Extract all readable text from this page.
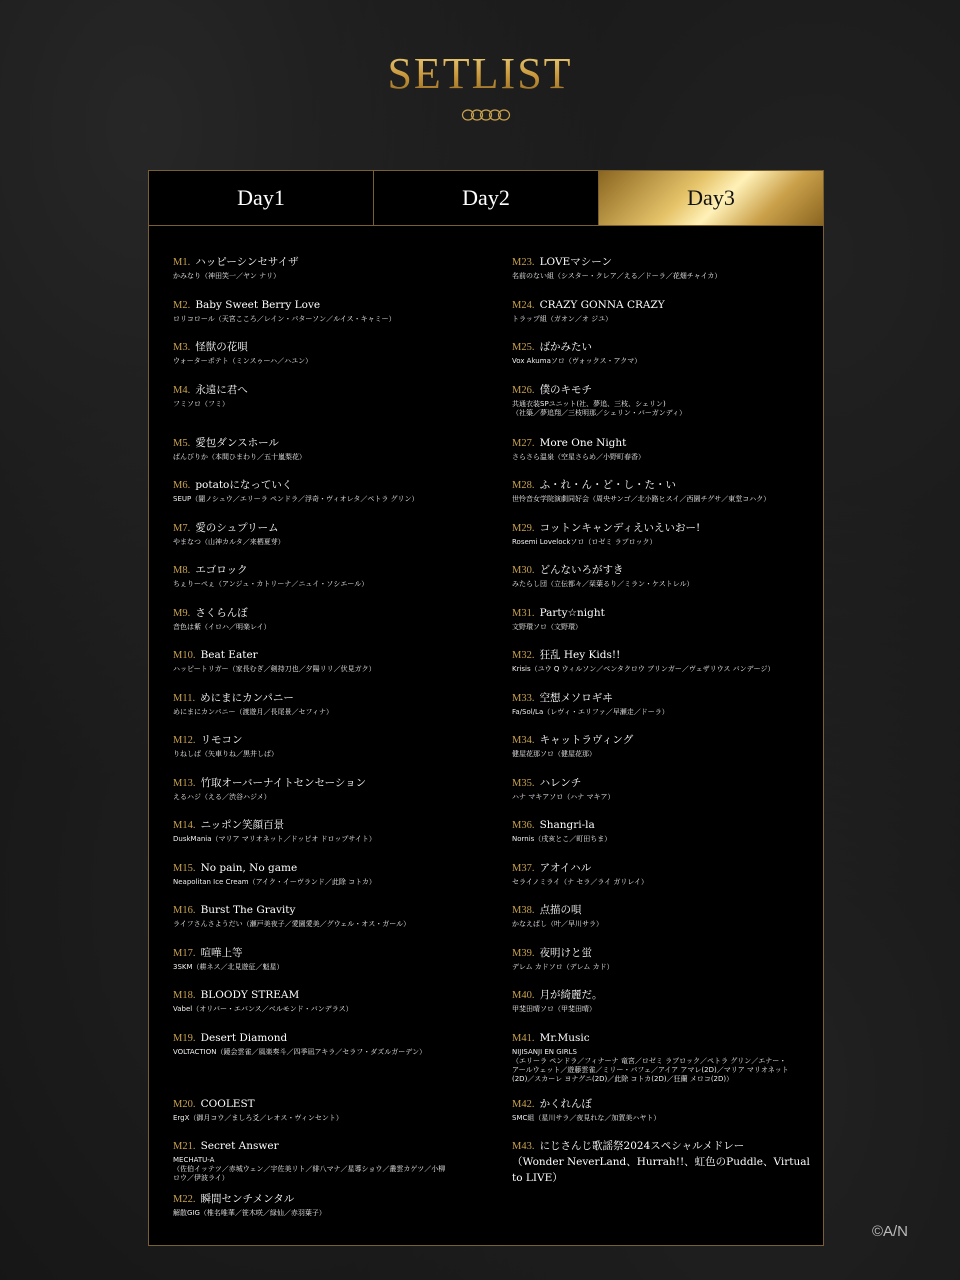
SETLIST
Day1	Day2	Day3
M1. ハッピーシンセサイザ
かみなり（神田笑一／ヤン ナリ）
M2. Baby Sweet Berry Love
ロリコロール（天宮こころ／レイン・パターソン／ルイス・キャミー）
M3. 怪獣の花唄
ウォーターポテト（ミンスゥーハ／ハユン）
M4. 永遠に君へ
フミソロ（フミ）
M5. 愛包ダンスホール
ばんびりか（本間ひまわり／五十嵐梨花）
M6. potatoになっていく
SEUP（闇ノシュウ／エリーラ ペンドラ／浮奇・ヴィオレタ／ペトラ グリン）
M7. 愛のシュプリーム
やまなつ（山神カルタ／来栖夏芽）
M8. エゴロック
ちぇりーぺぇ（アンジュ・カトリーナ／ニュイ・ソシエール）
M9. さくらんぼ
音色は紫（イロハ／明楽レイ）
M10. Beat Eater
ハッピートリガー（家長むぎ／剣持刀也／夕陽リリ／伏見ガク）
M11. めにまにカンパニー
めにまにカンパニー（渡遊月／長尾景／セフィナ）
M12. リモコン
りねしば（矢車りね／黒井しば）
M13. 竹取オーバーナイトセンセーション
えるハジ（える／渋谷ハジメ）
M14. ニッポン笑顔百景
DuskMania（マリア マリオネット／ドッピオ ドロップサイト）
M15. No pain, No game
Neapolitan Ice Cream（アイク・イーヴランド／此除 コトカ）
M16. Burst The Gravity
ライフさんさようだい（瀬戸美夜子／愛園愛美／グウェル・オス・ガール）
M17. 喧嘩上等
3SKM（耕ネス／北見遊征／魁星）
M18. BLOODY STREAM
Vabel（オリバー・エバンス／ベルモンド・バンデラス）
M19. Desert Diamond
VOLTACTION（鏡会雲雀／風楽奏斗／四季凪アキラ／セラフ・ダズルガーデン）
M20. COOLEST
ErgX（御月コウ／ましろ爻／レオス・ヴィンセント）
M21. Secret Answer
MECHATU-A
（佐伯イッテツ／赤城ウェン／宇佐美リト／緋八マナ／星導ショウ／叢雲カゲツ／小柳
ロウ／伊波ライ）
M22. 瞬間センチメンタル
解散GIG（椎名唯華／笹木咲／緑仙／赤羽葉子）
M23. LOVEマシーン
名前のない組（シスター・クレア／える／ドーラ／花畑チャイカ）
M24. CRAZY GONNA CRAZY
トラップ組（ガオン／オ ジユ）
M25. ばかみたい
Vox Akumaソロ（ヴォックス・アクマ）
M26. 僕のキモチ
共通衣装SPユニット(社、夢追、三枝、シェリン)
（社築／夢追翔／三枝明那／シェリン・バーガンディ）
M27. More One Night
さらさら温泉（空星さらめ／小野町春香）
M28. ふ・れ・ん・ど・し・た・い
世怜音女学院演劇同好会（周央サンゴ／北小路ヒスイ／西園チグサ／東堂コハク）
M29. コットンキャンディえいえいおー!
Rosemi Lovelockソロ（ロゼミ ラブロック）
M30. どんないろがすき
みたらし団（立伝都々／栞葉るり／ミラン・ケストレル）
M31. Party☆night
文野環ソロ（文野環）
M32. 狂乱 Hey Kids!!
Krisis（ユウ Q ウィルソン／ベンタクロウ ブリンガー／ヴェザリウス バンデージ）
M33. 空想メソロギヰ
Fa/Sol/La（レヴィ・エリファ／早瀬走／ドーラ）
M34. キャットラヴィング
健屋花那ソロ（健屋花那）
M35. ハレンチ
ハナ マキアソロ（ハナ マキア）
M36. Shangri-la
Nornis（戌亥とこ／町田ちま）
M37. アオイハル
セライノミライ（ナ セラ／ライ ガリレイ）
M38. 点描の唄
かなえぱし（叶／早川サラ）
M39. 夜明けと蛍
デレム カドソロ（デレム カド）
M40. 月が綺麗だ。
甲斐田晴ソロ（甲斐田晴）
M41. Mr.Music
NIJISANJI EN GIRLS
（エリーラ ペンドラ／フィナーナ 竜宮／ロゼミ ラブロック／ペトラ グリン／エナー・
アールウェット／遊藤雲雀／ミリー・パフェ／アイア アマレ(2D)／マリア マリオネット
(2D)／スカーレ ヨナグニ(2D)／此除 コトカ(2D)／狂蘭 メロコ(2D)）
M42. かくれんぼ
SMC組（星川サラ／夜見れな／加賀美ハヤト）
M43. にじさんじ歌謡祭2024スペシャルメドレー
（Wonder NeverLand、Hurrah!!、虹色のPuddle、Virtual to LIVE）
©A/N
